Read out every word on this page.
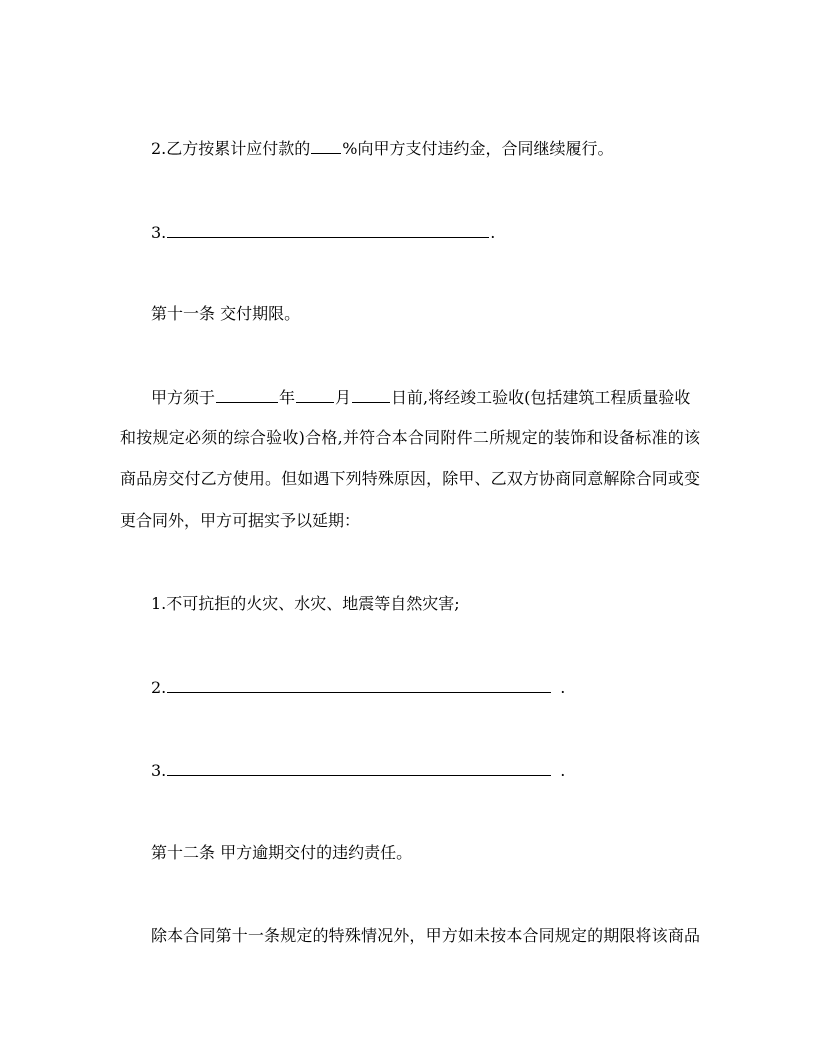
2.乙方按累计应付款的 %向甲方支付违约金，合同继续履行。
3.	.
第十一条 交付期限。
甲方须于	年	月	日前,将经竣工验收(包括建筑工程质量验收
和按规定必须的综合验收)合格,并符合本合同附件二所规定的装饰和设备标准的该
商品房交付乙方使用。但如遇下列特殊原因，除甲、乙双方协商同意解除合同或变
更合同外，甲方可据实予以延期：
1.不可抗拒的火灾、水灾、地震等自然灾害;
2.	.
3.	.
第十二条 甲方逾期交付的违约责任。
除本合同第十一条规定的特殊情况外，甲方如未按本合同规定的期限将该商品
